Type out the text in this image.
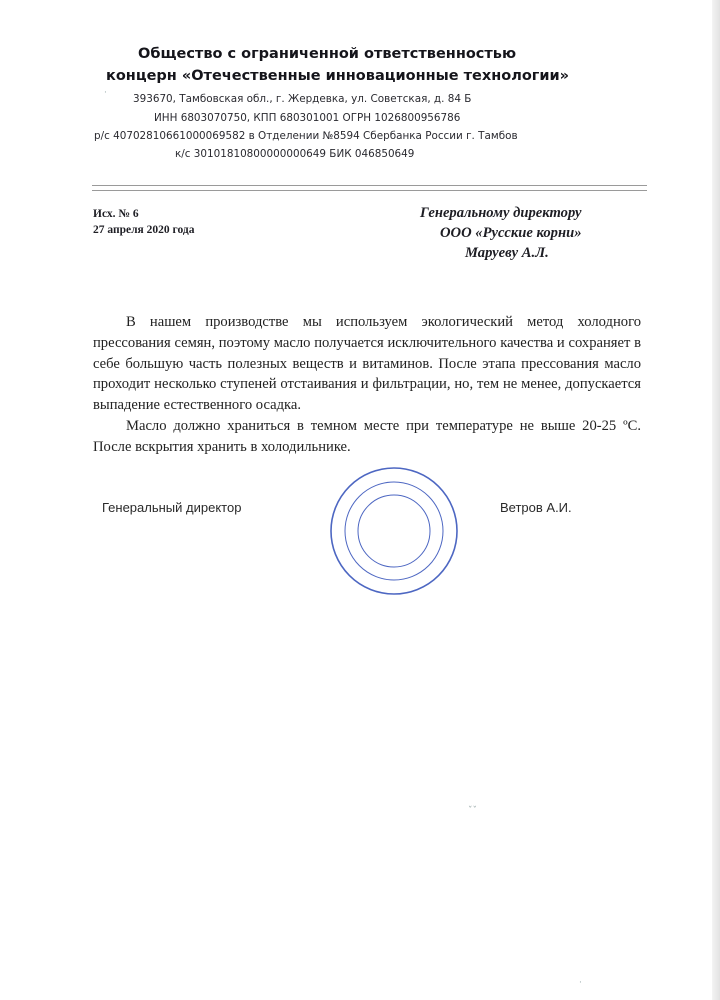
Общество с ограниченной ответственностью
концерн «Отечественные инновационные технологии»
393670, Тамбовская обл., г. Жердевка, ул. Советская, д. 84 Б
ИНН 6803070750, КПП 680301001 ОГРН 1026800956786
р/с 40702810661000069582 в Отделении №8594 Сбербанка России г. Тамбов
к/с 30101810800000000649 БИК 046850649
Исх. № 6
27 апреля 2020 года
Генеральному директору
ООО «Русские корни»
Маруеву А.Л.

В нашем производстве мы используем экологический метод холодного прессования семян, поэтому масло получается исключительного качества и сохраняет в себе большую часть полезных веществ и витаминов. После этапа прессования масло проходит несколько ступеней отстаивания и фильтрации, но, тем не менее, допускается выпадение естественного осадка.

Масло должно храниться в темном месте при температуре не выше 20-25 ºС. После вскрытия хранить в холодильнике.

Генеральный директор	Ветров А.И.
·
ˇˇ
·
